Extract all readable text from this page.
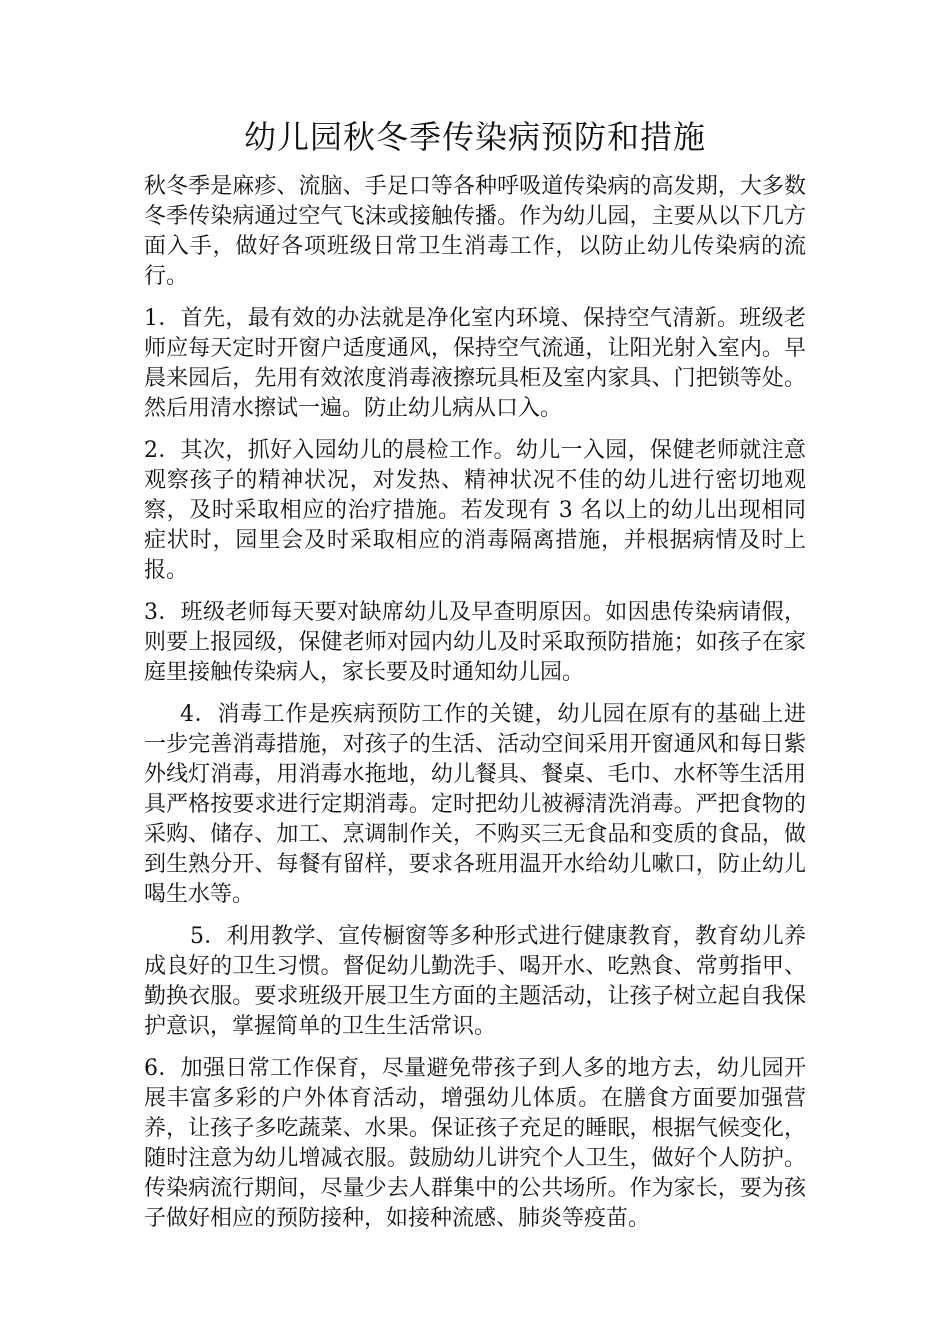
幼儿园秋冬季传染病预防和措施

秋冬季是麻疹、流脑、手足口等各种呼吸道传染病的高发期，大多数冬季传染病通过空气飞沫或接触传播。作为幼儿园，主要从以下几方面入手，做好各项班级日常卫生消毒工作，以防止幼儿传染病的流行。

1．首先，最有效的办法就是净化室内环境、保持空气清新。班级老师应每天定时开窗户适度通风，保持空气流通，让阳光射入室内。早晨来园后，先用有效浓度消毒液擦玩具柜及室内家具、门把锁等处。然后用清水擦试一遍。防止幼儿病从口入。

2．其次，抓好入园幼儿的晨检工作。幼儿一入园，保健老师就注意观察孩子的精神状况，对发热、精神状况不佳的幼儿进行密切地观察，及时采取相应的治疗措施。若发现有 3 名以上的幼儿出现相同症状时，园里会及时采取相应的消毒隔离措施，并根据病情及时上报。

3．班级老师每天要对缺席幼儿及早查明原因。如因患传染病请假，则要上报园级，保健老师对园内幼儿及时采取预防措施；如孩子在家庭里接触传染病人，家长要及时通知幼儿园。

4．消毒工作是疾病预防工作的关键，幼儿园在原有的基础上进一步完善消毒措施，对孩子的生活、活动空间采用开窗通风和每日紫外线灯消毒，用消毒水拖地，幼儿餐具、餐桌、毛巾、水杯等生活用具严格按要求进行定期消毒。定时把幼儿被褥清洗消毒。严把食物的采购、储存、加工、烹调制作关，不购买三无食品和变质的食品，做到生熟分开、每餐有留样，要求各班用温开水给幼儿嗽口，防止幼儿喝生水等。

5．利用教学、宣传橱窗等多种形式进行健康教育，教育幼儿养成良好的卫生习惯。督促幼儿勤洗手、喝开水、吃熟食、常剪指甲、勤换衣服。要求班级开展卫生方面的主题活动，让孩子树立起自我保护意识，掌握简单的卫生生活常识。

6．加强日常工作保育，尽量避免带孩子到人多的地方去，幼儿园开展丰富多彩的户外体育活动，增强幼儿体质。在膳食方面要加强营养，让孩子多吃蔬菜、水果。保证孩子充足的睡眠，根据气候变化，随时注意为幼儿增减衣服。鼓励幼儿讲究个人卫生，做好个人防护。传染病流行期间，尽量少去人群集中的公共场所。作为家长，要为孩子做好相应的预防接种，如接种流感、肺炎等疫苗。
